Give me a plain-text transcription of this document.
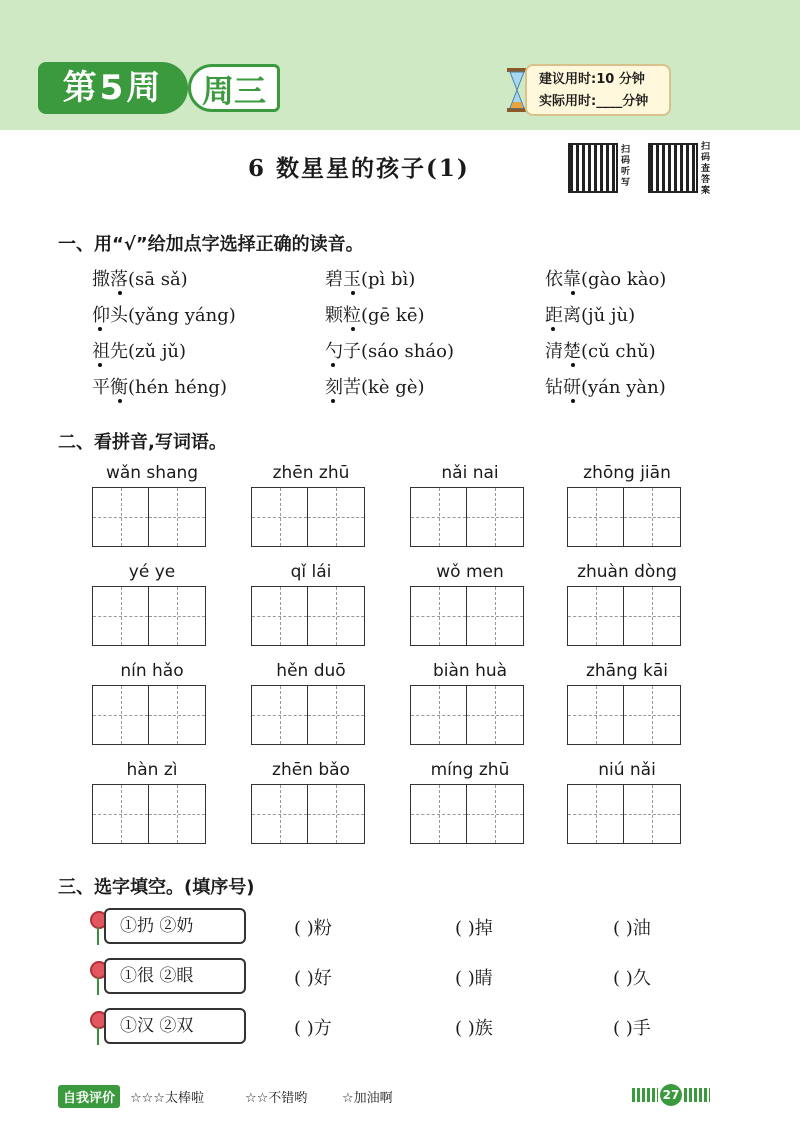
第5周	周三	建议用时:10 分钟
实际用时:____分钟
6 数星星的孩子(1)
扫码听写
扫码查答案
一、用“√”给加点字选择正确的读音。
撒落(sā sǎ)	碧玉(pì bì)	依靠(gào kào)
仰头(yǎng yáng)	颗粒(gē kē)	距离(jǔ jù)
祖先(zǔ jǔ)	勺子(sáo sháo)	清楚(cǔ chǔ)
平衡(hén héng)	刻苦(kè gè)	钻研(yán yàn)
二、看拼音,写词语。
wǎn shang	zhēn zhū	nǎi nai	zhōng jiān
yé ye	qǐ lái	wǒ men	zhuàn dòng
nín hǎo	hěn duō	biàn huà	zhāng kāi
hàn zì	zhēn bǎo	míng zhū	niú nǎi
三、选字填空。(填序号)
①扔 ②奶	( )粉	( )掉	( )油
①很 ②眼	( )好	( )睛	( )久
①汉 ②双	( )方	( )族	( )手
自我评价	☆☆☆太棒啦	☆☆不错哟	☆加油啊	27
